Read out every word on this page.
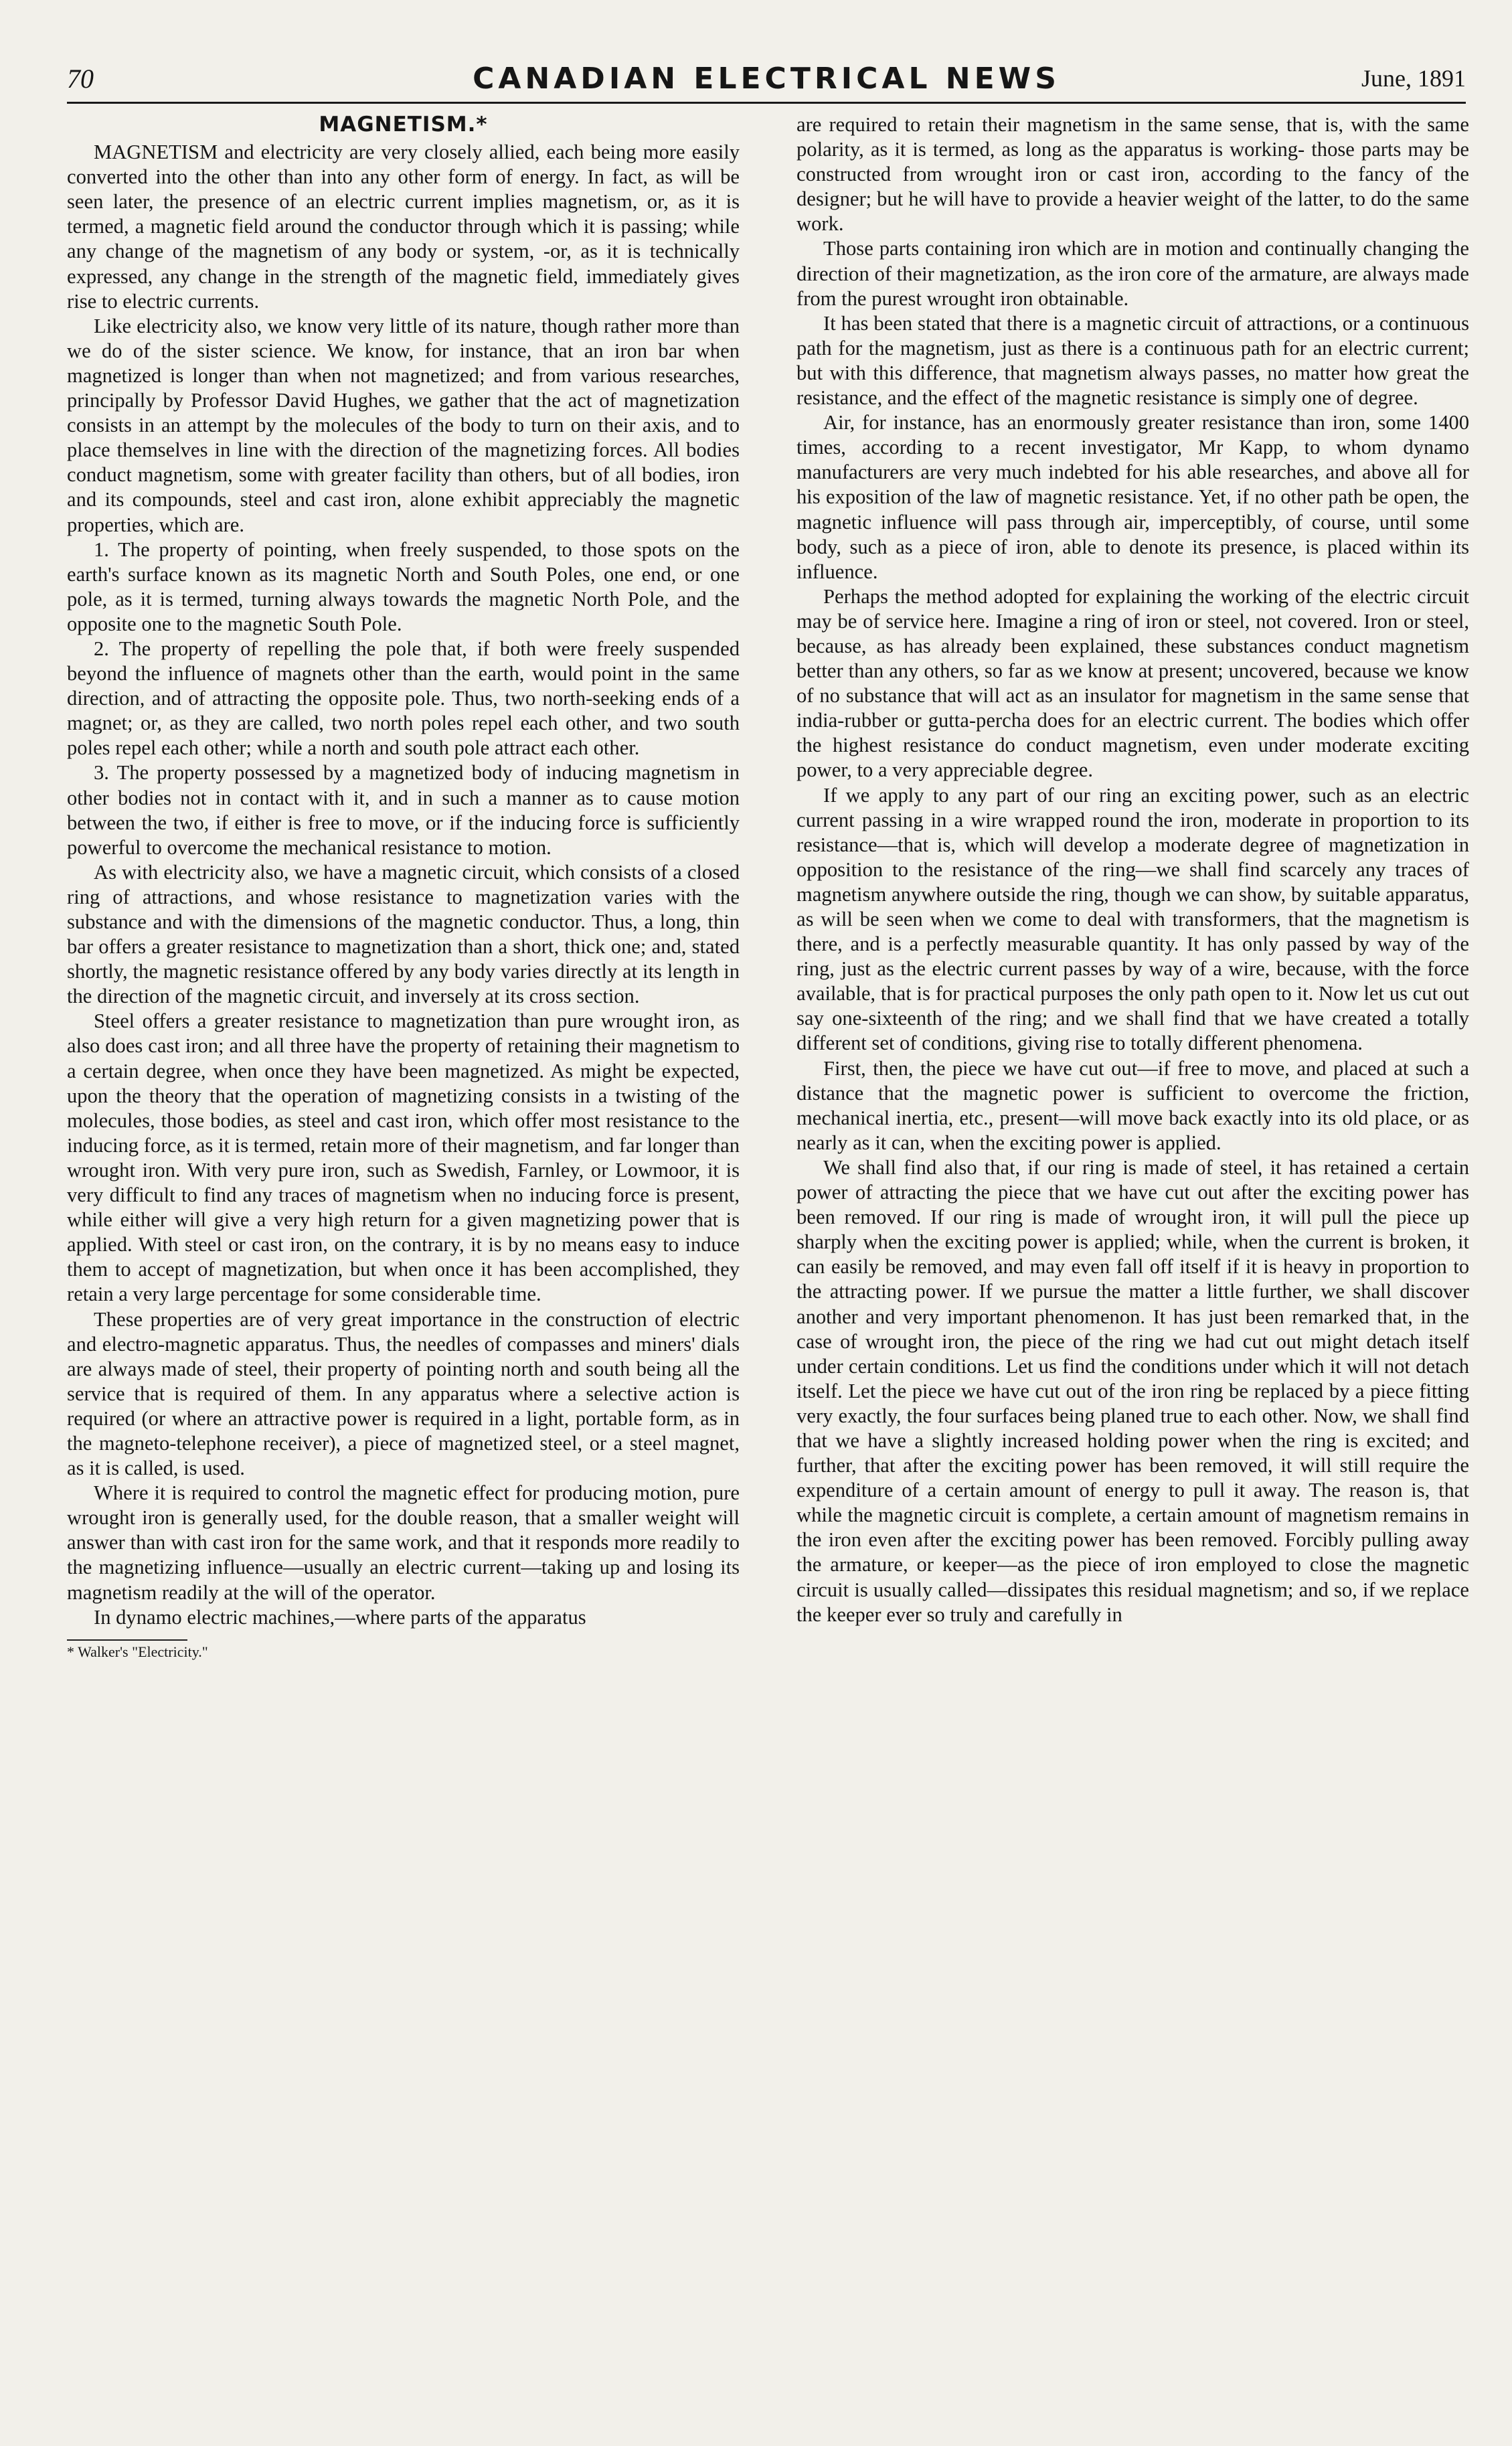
70	CANADIAN ELECTRICAL NEWS	June, 1891
MAGNETISM.*

MAGNETISM and electricity are very closely allied, each being more easily converted into the other than into any other form of energy. In fact, as will be seen later, the presence of an electric current implies magnetism, or, as it is termed, a magnetic field around the conductor through which it is passing; while any change of the magnetism of any body or system, -or, as it is technically expressed, any change in the strength of the magnetic field, immediately gives rise to electric currents.

Like electricity also, we know very little of its nature, though rather more than we do of the sister science. We know, for instance, that an iron bar when magnetized is longer than when not magnetized; and from various researches, principally by Professor David Hughes, we gather that the act of magnetization consists in an attempt by the molecules of the body to turn on their axis, and to place themselves in line with the direction of the magnetizing forces. All bodies conduct magnetism, some with greater facility than others, but of all bodies, iron and its compounds, steel and cast iron, alone exhibit appreciably the magnetic properties, which are.

1. The property of pointing, when freely suspended, to those spots on the earth's surface known as its magnetic North and South Poles, one end, or one pole, as it is termed, turning always towards the magnetic North Pole, and the opposite one to the magnetic South Pole.

2. The property of repelling the pole that, if both were freely suspended beyond the influence of magnets other than the earth, would point in the same direction, and of attracting the opposite pole. Thus, two north-seeking ends of a magnet; or, as they are called, two north poles repel each other, and two south poles repel each other; while a north and south pole attract each other.

3. The property possessed by a magnetized body of inducing magnetism in other bodies not in contact with it, and in such a manner as to cause motion between the two, if either is free to move, or if the inducing force is sufficiently powerful to overcome the mechanical resistance to motion.

As with electricity also, we have a magnetic circuit, which consists of a closed ring of attractions, and whose resistance to magnetization varies with the substance and with the dimensions of the magnetic conductor. Thus, a long, thin bar offers a greater resistance to magnetization than a short, thick one; and, stated shortly, the magnetic resistance offered by any body varies directly at its length in the direction of the magnetic circuit, and inversely at its cross section.

Steel offers a greater resistance to magnetization than pure wrought iron, as also does cast iron; and all three have the property of retaining their magnetism to a certain degree, when once they have been magnetized. As might be expected, upon the theory that the operation of magnetizing consists in a twisting of the molecules, those bodies, as steel and cast iron, which offer most resistance to the inducing force, as it is termed, retain more of their magnetism, and far longer than wrought iron. With very pure iron, such as Swedish, Farnley, or Lowmoor, it is very difficult to find any traces of magnetism when no inducing force is present, while either will give a very high return for a given magnetizing power that is applied. With steel or cast iron, on the contrary, it is by no means easy to induce them to accept of magnetization, but when once it has been accomplished, they retain a very large percentage for some considerable time.

These properties are of very great importance in the construction of electric and electro-magnetic apparatus. Thus, the needles of compasses and miners' dials are always made of steel, their property of pointing north and south being all the service that is required of them. In any apparatus where a selective action is required (or where an attractive power is required in a light, portable form, as in the magneto-telephone receiver), a piece of magnetized steel, or a steel magnet, as it is called, is used.

Where it is required to control the magnetic effect for producing motion, pure wrought iron is generally used, for the double reason, that a smaller weight will answer than with cast iron for the same work, and that it responds more readily to the magnetizing influence—usually an electric current—taking up and losing its magnetism readily at the will of the operator.

In dynamo electric machines,—where parts of the apparatus

* Walker's "Electricity."

are required to retain their magnetism in the same sense, that is, with the same polarity, as it is termed, as long as the apparatus is working- those parts may be constructed from wrought iron or cast iron, according to the fancy of the designer; but he will have to provide a heavier weight of the latter, to do the same work.

Those parts containing iron which are in motion and continually changing the direction of their magnetization, as the iron core of the armature, are always made from the purest wrought iron obtainable.

It has been stated that there is a magnetic circuit of attractions, or a continuous path for the magnetism, just as there is a continuous path for an electric current; but with this difference, that magnetism always passes, no matter how great the resistance, and the effect of the magnetic resistance is simply one of degree.

Air, for instance, has an enormously greater resistance than iron, some 1400 times, according to a recent investigator, Mr Kapp, to whom dynamo manufacturers are very much indebted for his able researches, and above all for his exposition of the law of magnetic resistance. Yet, if no other path be open, the magnetic influence will pass through air, imperceptibly, of course, until some body, such as a piece of iron, able to denote its presence, is placed within its influence.

Perhaps the method adopted for explaining the working of the electric circuit may be of service here. Imagine a ring of iron or steel, not covered. Iron or steel, because, as has already been explained, these substances conduct magnetism better than any others, so far as we know at present; uncovered, because we know of no substance that will act as an insulator for magnetism in the same sense that india-rubber or gutta-percha does for an electric current. The bodies which offer the highest resistance do conduct magnetism, even under moderate exciting power, to a very appreciable degree.

If we apply to any part of our ring an exciting power, such as an electric current passing in a wire wrapped round the iron, moderate in proportion to its resistance—that is, which will develop a moderate degree of magnetization in opposition to the resistance of the ring—we shall find scarcely any traces of magnetism anywhere outside the ring, though we can show, by suitable apparatus, as will be seen when we come to deal with transformers, that the magnetism is there, and is a perfectly measurable quantity. It has only passed by way of the ring, just as the electric current passes by way of a wire, because, with the force available, that is for practical purposes the only path open to it. Now let us cut out say one-sixteenth of the ring; and we shall find that we have created a totally different set of conditions, giving rise to totally different phenomena.

First, then, the piece we have cut out—if free to move, and placed at such a distance that the magnetic power is sufficient to overcome the friction, mechanical inertia, etc., present—will move back exactly into its old place, or as nearly as it can, when the exciting power is applied.

We shall find also that, if our ring is made of steel, it has retained a certain power of attracting the piece that we have cut out after the exciting power has been removed. If our ring is made of wrought iron, it will pull the piece up sharply when the exciting power is applied; while, when the current is broken, it can easily be removed, and may even fall off itself if it is heavy in proportion to the attracting power. If we pursue the matter a little further, we shall discover another and very important phenomenon. It has just been remarked that, in the case of wrought iron, the piece of the ring we had cut out might detach itself under certain conditions. Let us find the conditions under which it will not detach itself. Let the piece we have cut out of the iron ring be replaced by a piece fitting very exactly, the four surfaces being planed true to each other. Now, we shall find that we have a slightly increased holding power when the ring is excited; and further, that after the exciting power has been removed, it will still require the expenditure of a certain amount of energy to pull it away. The reason is, that while the magnetic circuit is complete, a certain amount of magnetism remains in the iron even after the exciting power has been removed. Forcibly pulling away the armature, or keeper—as the piece of iron employed to close the magnetic circuit is usually called—dissipates this residual magnetism; and so, if we replace the keeper ever so truly and carefully in
